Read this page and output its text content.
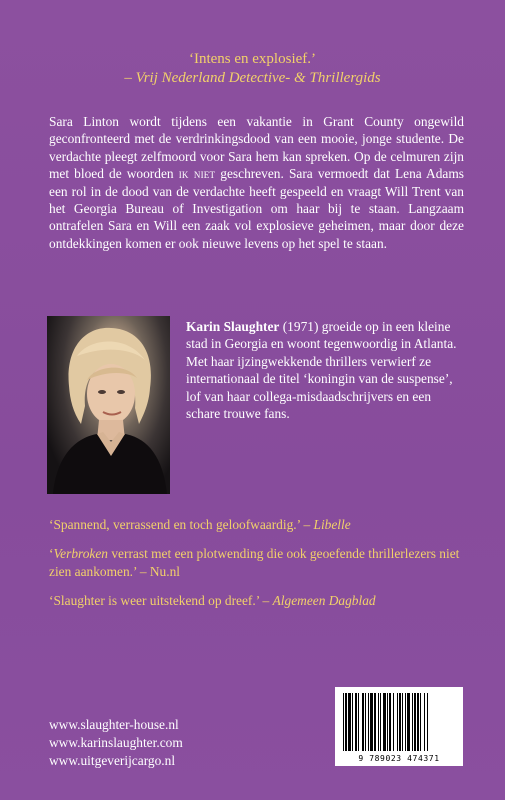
‘Intens en explosief.’
– Vrij Nederland Detective- & Thrillergids

Sara Linton wordt tijdens een vakantie in Grant County ongewild geconfronteerd met de verdrinkingsdood van een mooie, jonge studente. De verdachte pleegt zelfmoord voor Sara hem kan spreken. Op de celmuren zijn met bloed de woorden ik niet geschreven. Sara vermoedt dat Lena Adams een rol in de dood van de verdachte heeft gespeeld en vraagt Will Trent van het Georgia Bureau of Investigation om haar bij te staan. Langzaam ontrafelen Sara en Will een zaak vol explosieve geheimen, maar door deze ontdekkingen komen er ook nieuwe levens op het spel te staan.

Karin Slaughter (1971) groeide op in een kleine stad in Georgia en woont tegenwoordig in Atlanta. Met haar ijzingwekkende thrillers verwierf ze internationaal de titel ‘koningin van de suspense’, lof van haar collega-misdaadschrijvers en een schare trouwe fans.

‘Spannend, verrassend en toch geloofwaardig.’ – Libelle

‘Verbroken verrast met een plotwending die ook geoefende thrillerlezers niet zien aankomen.’ – Nu.nl

‘Slaughter is weer uitstekend op dreef.’ – Algemeen Dagblad

www.slaughter-house.nl
www.karinslaughter.com
www.uitgeverijcargo.nl	9 789023 474371
